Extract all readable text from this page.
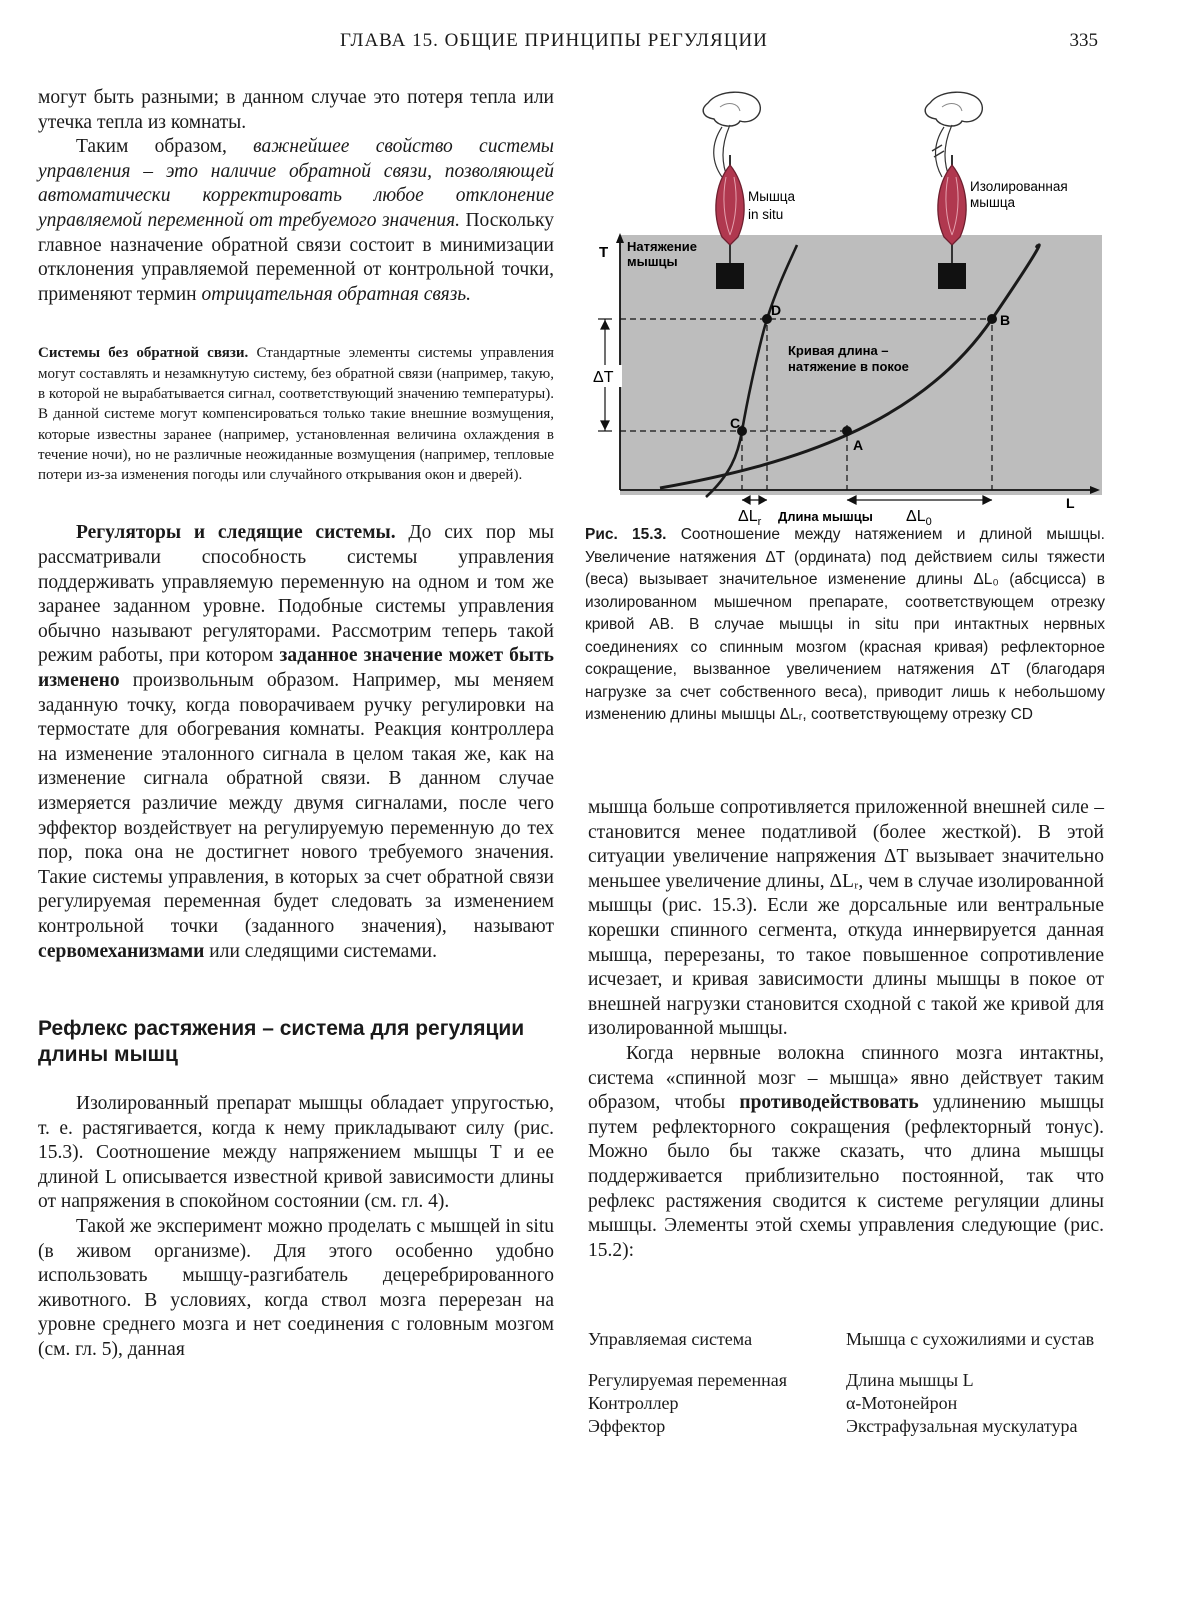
ГЛАВА 15. ОБЩИЕ ПРИНЦИПЫ РЕГУЛЯЦИИ	335

могут быть разными; в данном случае это потеря тепла или утечка тепла из комнаты.

Таким образом, важнейшее свойство системы управления – это наличие обратной связи, позволяющей автоматически корректировать любое отклонение управляемой переменной от требуемого значения. Поскольку главное назначение обратной связи состоит в минимизации отклонения управляемой переменной от контрольной точки, применяют термин отрицательная обратная связь.

Системы без обратной связи. Стандартные элементы системы управления могут составлять и незамкнутую систему, без обратной связи (например, такую, в которой не вырабатывается сигнал, соответствующий значению температуры). В данной системе могут компенсироваться только такие внешние возмущения, которые известны заранее (например, установленная величина охлаждения в течение ночи), но не различные неожиданные возмущения (например, тепловые потери из-за изменения погоды или случайного открывания окон и дверей).

Регуляторы и следящие системы. До сих пор мы рассматривали способность системы управления поддерживать управляемую переменную на одном и том же заранее заданном уровне. Подобные системы управления обычно называют регуляторами. Рассмотрим теперь такой режим работы, при котором заданное значение может быть изменено произвольным образом. Например, мы меняем заданную точку, когда поворачиваем ручку регулировки на термостате для обогревания комнаты. Реакция контроллера на изменение эталонного сигнала в целом такая же, как на изменение сигнала обратной связи. В данном случае измеряется различие между двумя сигналами, после чего эффектор воздействует на регулируемую переменную до тех пор, пока она не достигнет нового требуемого значения. Такие системы управления, в которых за счет обратной связи регулируемая переменная будет следовать за изменением контрольной точки (заданного значения), называют сервомеханизмами или следящими системами.

Рефлекс растяжения – система для регуляции длины мышц

Изолированный препарат мышцы обладает упругостью, т. е. растягивается, когда к нему прикладывают силу (рис. 15.3). Соотношение между напряжением мышцы T и ее длиной L описывается известной кривой зависимости длины от напряжения в спокойном состоянии (см. гл. 4).

Такой же эксперимент можно проделать с мышцей in situ (в живом организме). Для этого особенно удобно использовать мышцу-разгибатель децеребрированного животного. В условиях, когда ствол мозга перерезан на уровне среднего мозга и нет соединения с головным мозгом (см. гл. 5), данная

Мышца
in situ
Изолированная
мышца
T Натяжение
мышцы
L
B
A
C
D
Кривая длина –
натяжение в покое
ΔT
$\Delta L_r$ Длина мышцы $\Delta L_0$
Рис. 15.3. Соотношение между натяжением и длиной мышцы. Увеличение натяжения ΔT (ордината) под действием силы тяжести (веса) вызывает значительное изменение длины ΔL₀ (абсцисса) в изолированном мышечном препарате, соответствующем отрезку кривой AB. В случае мышцы in situ при интактных нервных соединениях со спинным мозгом (красная кривая) рефлекторное сокращение, вызванное увеличением натяжения ΔT (благодаря нагрузке за счет собственного веса), приводит лишь к небольшому изменению длины мышцы ΔLᵣ, соответствующему отрезку CD

мышца больше сопротивляется приложенной внешней силе – становится менее податливой (более жесткой). В этой ситуации увеличение напряжения ΔT вызывает значительно меньшее увеличение длины, ΔLᵣ, чем в случае изолированной мышцы (рис. 15.3). Если же дорсальные или вентральные корешки спинного сегмента, откуда иннервируется данная мышца, перерезаны, то такое повышенное сопротивление исчезает, и кривая зависимости длины мышцы в покое от внешней нагрузки становится сходной с такой же кривой для изолированной мышцы.

Когда нервные волокна спинного мозга интактны, система «спинной мозг – мышца» явно действует таким образом, чтобы противодействовать удлинению мышцы путем рефлекторного сокращения (рефлекторный тонус). Можно было бы также сказать, что длина мышцы поддерживается приблизительно постоянной, так что рефлекс растяжения сводится к системе регуляции длины мышцы. Элементы этой схемы управления следующие (рис. 15.2):

Управляемая система	Мышца с сухожилиями и сустав
Регулируемая переменная	Длина мышцы L
Контроллер	α-Мотонейрон
Эффектор	Экстрафузальная мускулатура
